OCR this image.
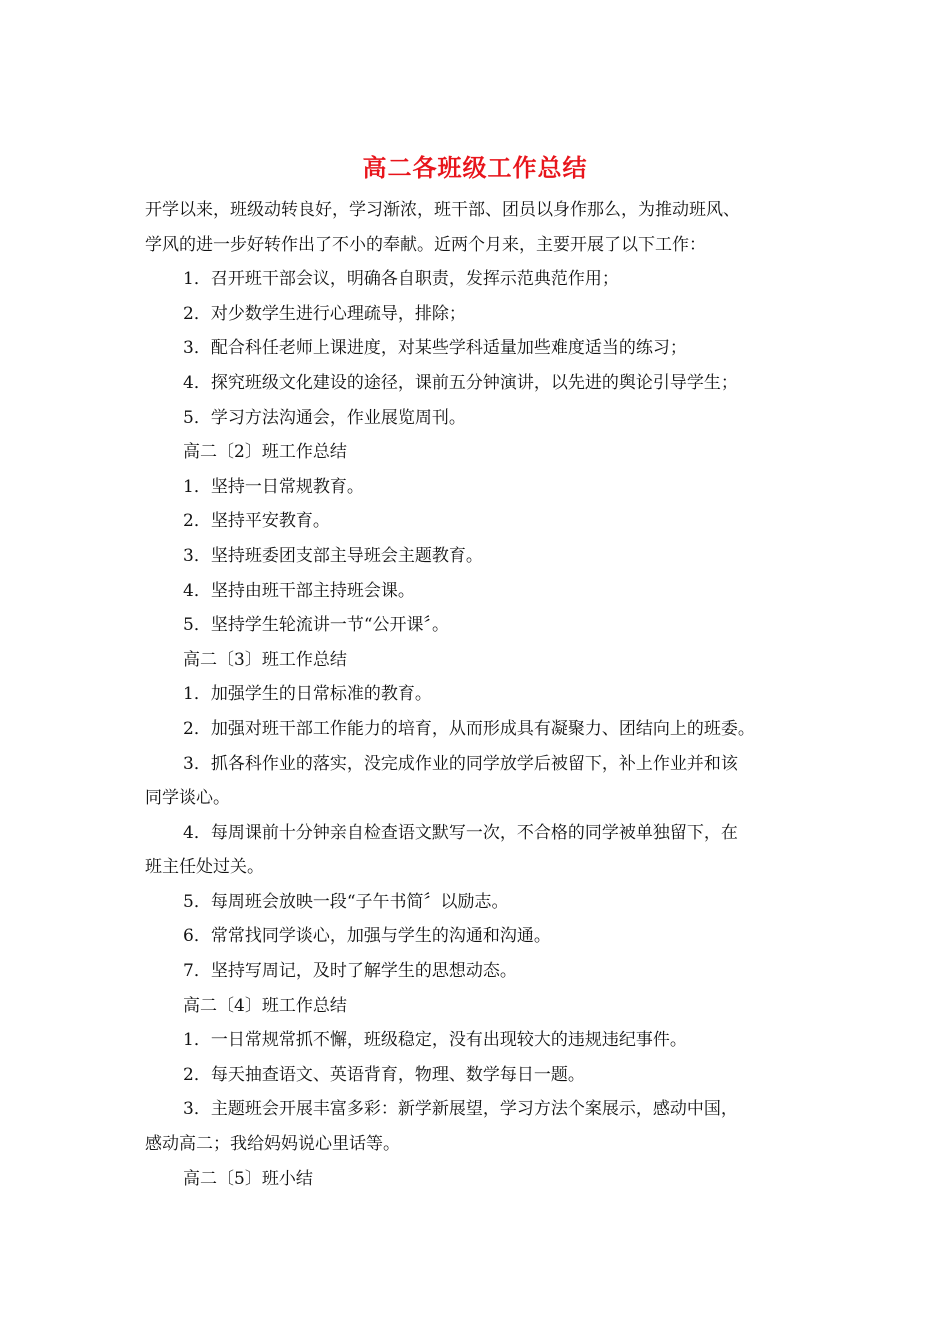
高二各班级工作总结
开学以来，班级动转良好，学习渐浓，班干部、团员以身作那么，为推动班风、
学风的进一步好转作出了不小的奉献。近两个月来，主要开展了以下工作：
1．召开班干部会议，明确各自职责，发挥示范典范作用；
2．对少数学生进行心理疏导，排除；
3．配合科任老师上课进度，对某些学科适量加些难度适当的练习；
4．探究班级文化建设的途径，课前五分钟演讲，以先进的舆论引导学生；
5．学习方法沟通会，作业展览周刊。
高二〔2〕班工作总结
1．坚持一日常规教育。
2．坚持平安教育。
3．坚持班委团支部主导班会主题教育。
4．坚持由班干部主持班会课。
5．坚持学生轮流讲一节“公开课〞。
高二〔3〕班工作总结
1．加强学生的日常标准的教育。
2．加强对班干部工作能力的培育，从而形成具有凝聚力、团结向上的班委。
3．抓各科作业的落实，没完成作业的同学放学后被留下，补上作业并和该
同学谈心。
4．每周课前十分钟亲自检查语文默写一次，不合格的同学被单独留下，在
班主任处过关。
5．每周班会放映一段“子午书简〞以励志。
6．常常找同学谈心，加强与学生的沟通和沟通。
7．坚持写周记，及时了解学生的思想动态。
高二〔4〕班工作总结
1．一日常规常抓不懈，班级稳定，没有出现较大的违规违纪事件。
2．每天抽查语文、英语背育，物理、数学每日一题。
3．主题班会开展丰富多彩：新学新展望，学习方法个案展示，感动中国，
感动高二；我给妈妈说心里话等。
高二〔5〕班小结
